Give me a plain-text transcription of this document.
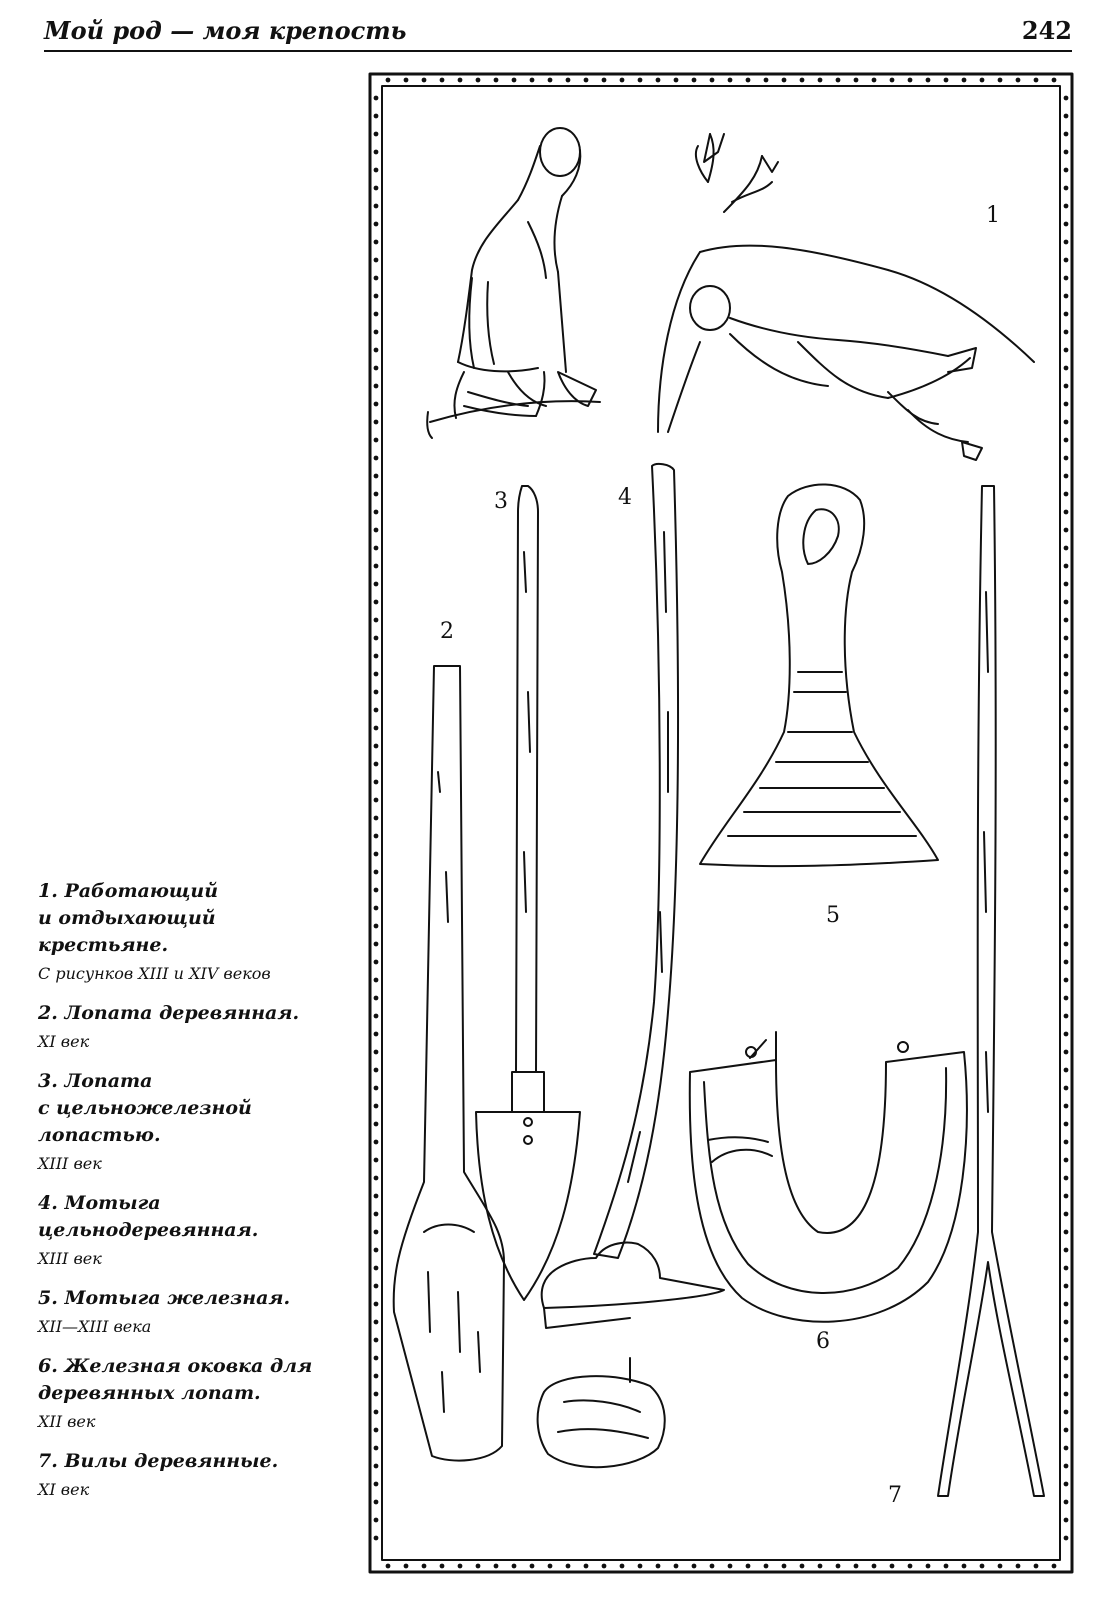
Мой род — моя крепость	242
1. Работающий
и отдыхающий
крестьяне.
С рисунков XIII и XIV веков
2. Лопата деревянная.
XI век
3. Лопата
с цельножелезной
лопастью.
XIII век
4. Мотыга
цельнодеревянная.
XIII век
5. Мотыга железная.
XII—XIII века
6. Железная оковка для
деревянных лопат.
XII век
7. Вилы деревянные.
XI век
1
2
3	4
5
6
7
